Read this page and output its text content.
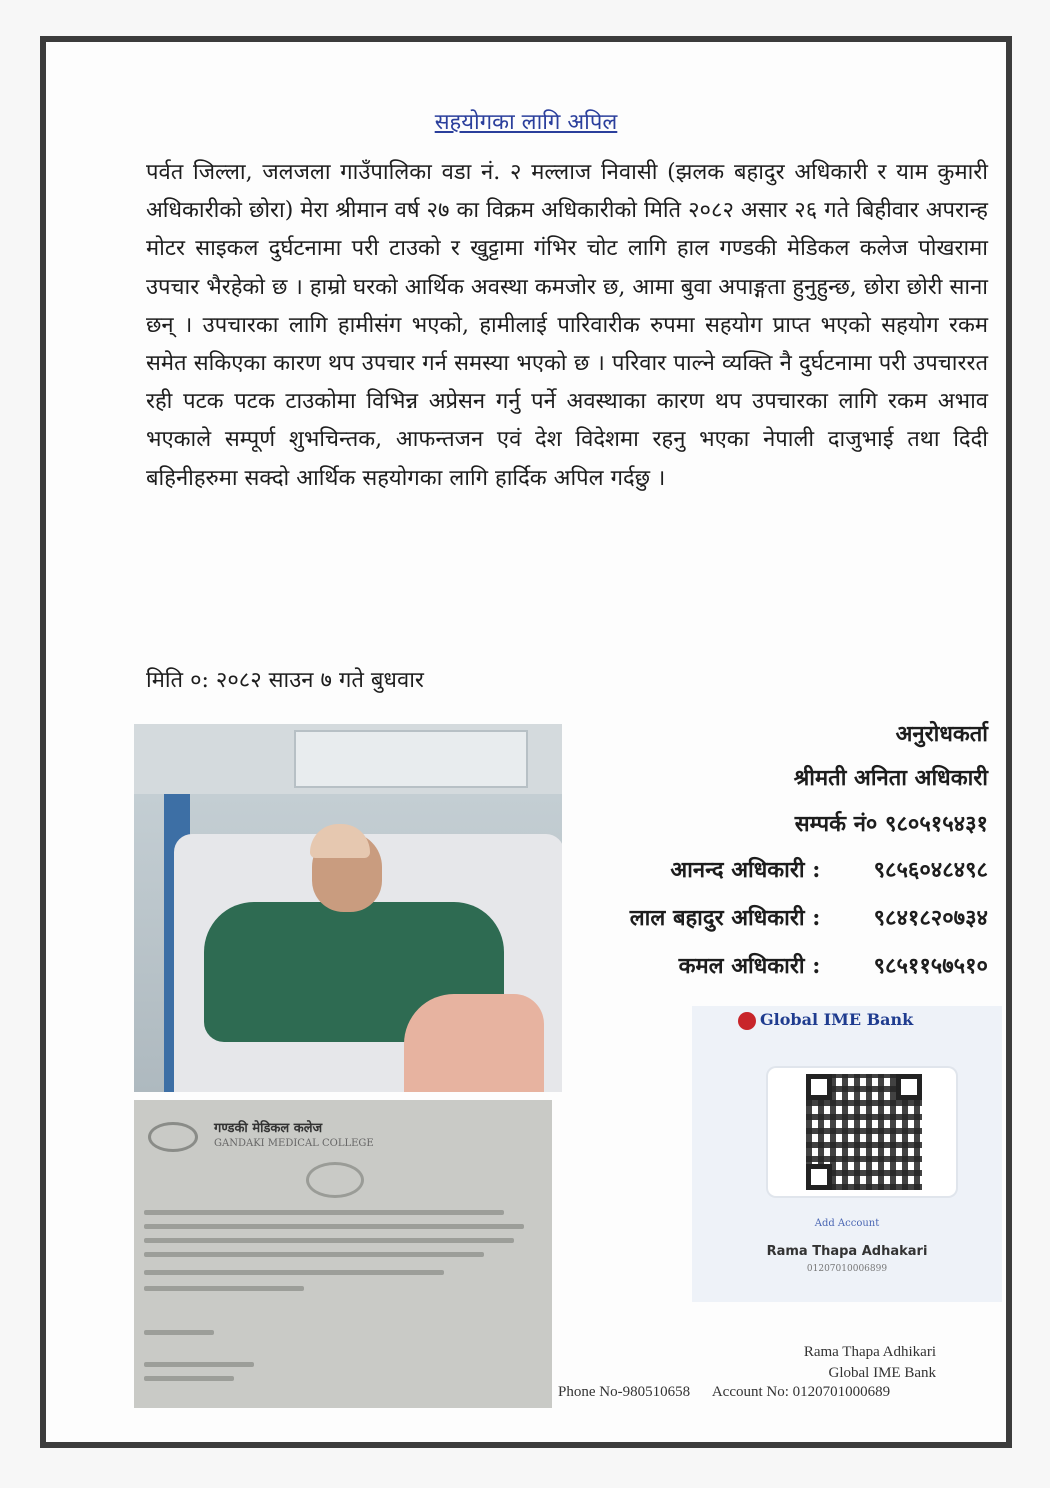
सहयोगका लागि अपिल
पर्वत जिल्ला, जलजला गाउँपालिका वडा नं. २ मल्लाज निवासी (झलक बहादुर अधिकारी र याम कुमारी अधिकारीको छोरा) मेरा श्रीमान वर्ष २७ का विक्रम अधिकारीको मिति २०८२ असार २६ गते बिहीवार अपरान्ह मोटर साइकल दुर्घटनामा परी टाउको र खुट्टामा गंभिर चोट लागि हाल गण्डकी मेडिकल कलेज पोखरामा उपचार भैरहेको छ । हाम्रो घरको आर्थिक अवस्था कमजोर छ, आमा बुवा अपाङ्गता हुनुहुन्छ, छोरा छोरी साना छन् । उपचारका लागि हामीसंग भएको, हामीलाई पारिवारीक रुपमा सहयोग प्राप्त भएको सहयोग रकम समेत सकिएका कारण थप उपचार गर्न समस्या भएको छ । परिवार पाल्ने व्यक्ति नै दुर्घटनामा परी उपचाररत रही पटक पटक टाउकोमा विभिन्न अप्रेसन गर्नु पर्ने अवस्थाका कारण थप उपचारका लागि रकम अभाव भएकाले सम्पूर्ण शुभचिन्तक, आफन्तजन एवं देश विदेशमा रहनु भएका नेपाली दाजुभाई तथा दिदी बहिनीहरुमा सक्दो आर्थिक सहयोगका लागि हार्दिक अपिल गर्दछु ।
मिति ०: २०८२ साउन ७ गते बुधवार
गण्डकी मेडिकल कलेज
GANDAKI MEDICAL COLLEGE
अनुरोधकर्ता
श्रीमती अनिता अधिकारी
सम्पर्क नं० ९८०५१५४३१
आनन्द अधिकारी : ९८५६०४८४९८
लाल बहादुर अधिकारी : ९८४१८२०७३४
कमल अधिकारी : ९८५११५७५१०
Global IME Bank
Add Account
Rama Thapa Adhakari
01207010006899
Rama Thapa Adhikari
Global IME Bank
Phone No-980510658 Account No: 0120701000689
